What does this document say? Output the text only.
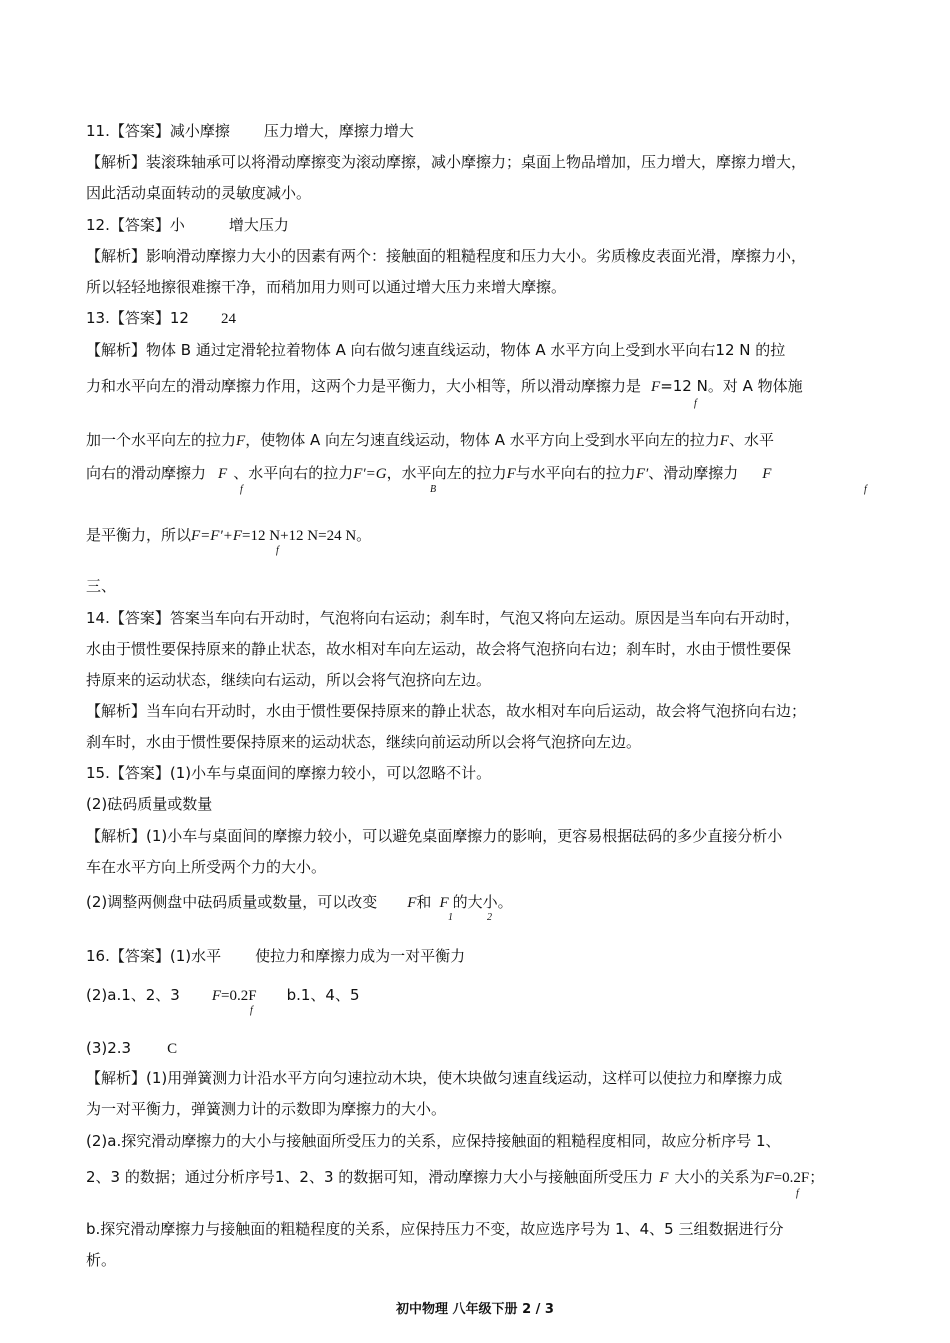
11.【答案】减小摩擦 压力增大，摩擦力增大
【解析】装滚珠轴承可以将滑动摩擦变为滚动摩擦，减小摩擦力；桌面上物品增加，压力增大，摩擦力增大，
因此活动桌面转动的灵敏度减小。
12.【答案】小	增大压力
【解析】影响滑动摩擦力大小的因素有两个：接触面的粗糙程度和压力大小。劣质橡皮表面光滑，摩擦力小，
所以轻轻地擦很难擦干净，而稍加用力则可以通过增大压力来增大摩擦。
13.【答案】12 24
【解析】物体 B 通过定滑轮拉着物体 A 向右做匀速直线运动，物体 A 水平方向上受到水平向右12 N 的拉
力和水平向左的滑动摩擦力作用，这两个力是平衡力，大小相等，所以滑动摩擦力是 F=12 N。对 A 物体施
f
加一个水平向左的拉力F，使物体 A 向左匀速直线运动，物体 A 水平方向上受到水平向左的拉力F、水平
向右的滑动摩擦力 F 、水平向右的拉力F′=G，水平向左的拉力F与水平向右的拉力F′、滑动摩擦力 F
f	B	f
是平衡力，所以F=F′+F=12 N+12 N=24 N。
f
三、
14.【答案】答案当车向右开动时，气泡将向右运动；刹车时，气泡又将向左运动。原因是当车向右开动时，
水由于惯性要保持原来的静止状态，故水相对车向左运动，故会将气泡挤向右边；刹车时，水由于惯性要保
持原来的运动状态，继续向右运动，所以会将气泡挤向左边。
【解析】当车向右开动时，水由于惯性要保持原来的静止状态，故水相对车向后运动，故会将气泡挤向右边；
刹车时，水由于惯性要保持原来的运动状态，继续向前运动所以会将气泡挤向左边。
15.【答案】(1)小车与桌面间的摩擦力较小，可以忽略不计。
(2)砝码质量或数量
【解析】(1)小车与桌面间的摩擦力较小，可以避免桌面摩擦力的影响，更容易根据砝码的多少直接分析小
车在水平方向上所受两个力的大小。
(2)调整两侧盘中砝码质量或数量，可以改变 F和 F 的大小。
1	2
16.【答案】(1)水平 使拉力和摩擦力成为一对平衡力
(2)a.1、2、3 F=0.2F b.1、4、5
f
(3)2.3 C
【解析】(1)用弹簧测力计沿水平方向匀速拉动木块，使木块做匀速直线运动，这样可以使拉力和摩擦力成
为一对平衡力，弹簧测力计的示数即为摩擦力的大小。
(2)a.探究滑动摩擦力的大小与接触面所受压力的关系，应保持接触面的粗糙程度相同，故应分析序号 1、
2、3 的数据；通过分析序号1、2、3 的数据可知，滑动摩擦力大小与接触面所受压力 F 大小的关系为F=0.2F；
f
b.探究滑动摩擦力与接触面的粗糙程度的关系，应保持压力不变，故应选序号为 1、4、5 三组数据进行分
析。
初中物理 八年级下册 2 / 3
